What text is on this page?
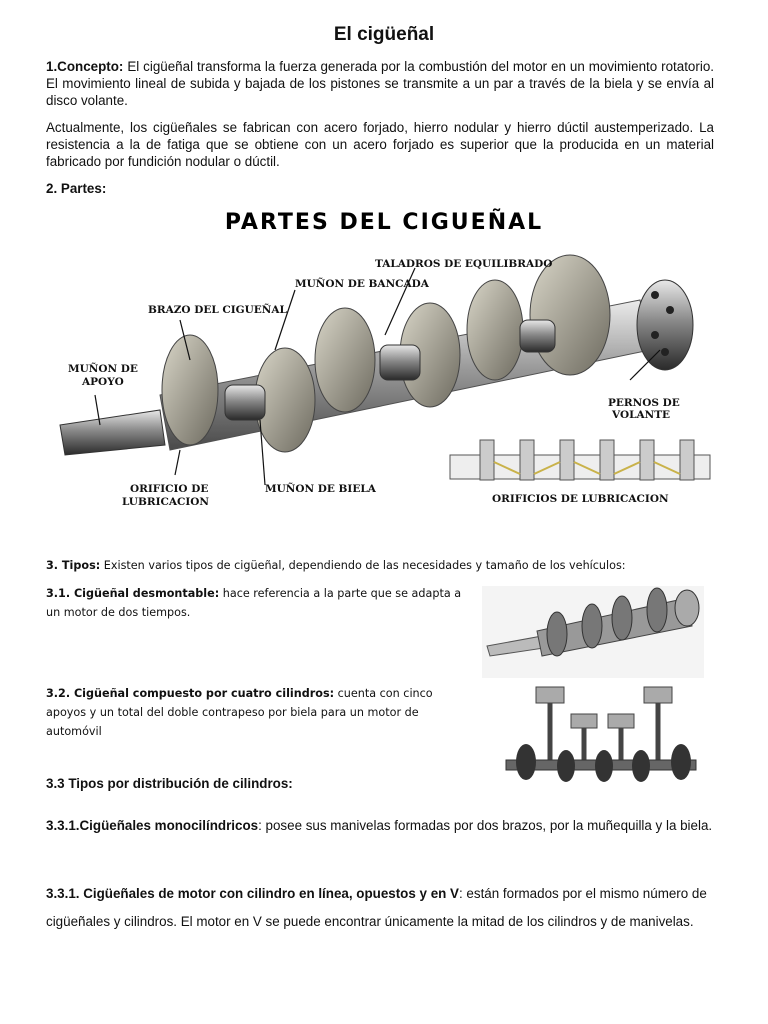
El cigüeñal
1.Concepto: El cigüeñal transforma la fuerza generada por la combustión del motor en un movimiento rotatorio. El movimiento lineal de subida y bajada de los pistones se transmite a un par a través de la biela y se envía al disco volante.
Actualmente, los cigüeñales se fabrican con acero forjado, hierro nodular y hierro dúctil austemperizado. La resistencia a la de fatiga que se obtiene con un acero forjado es superior que la producida en un material fabricado por fundición nodular o dúctil.
2. Partes:
PARTES DEL CIGUEÑAL
TALADROS DE EQUILIBRADO
MUÑON DE BANCADA
BRAZO DEL CIGUEÑAL
MUÑON DE
APOYO
PERNOS DE
VOLANTE
ORIFICIO DE
LUBRICACION
MUÑON DE BIELA
ORIFICIOS DE LUBRICACION
3. Tipos: Existen varios tipos de cigüeñal, dependiendo de las necesidades y tamaño de los vehículos:
3.1. Cigüeñal desmontable: hace referencia a la parte que se adapta a un motor de dos tiempos.
3.2. Cigüeñal compuesto por cuatro cilindros: cuenta con cinco apoyos y un total del doble contrapeso por biela para un motor de automóvil
3.3 Tipos por distribución de cilindros:
3.3.1.Cigüeñales monocilíndricos: posee sus manivelas formadas por dos brazos, por la muñequilla y la biela.
3.3.1. Cigüeñales de motor con cilindro en línea, opuestos y en V: están formados por el mismo número de cigüeñales y cilindros. El motor en V se puede encontrar únicamente la mitad de los cilindros y de manivelas.
